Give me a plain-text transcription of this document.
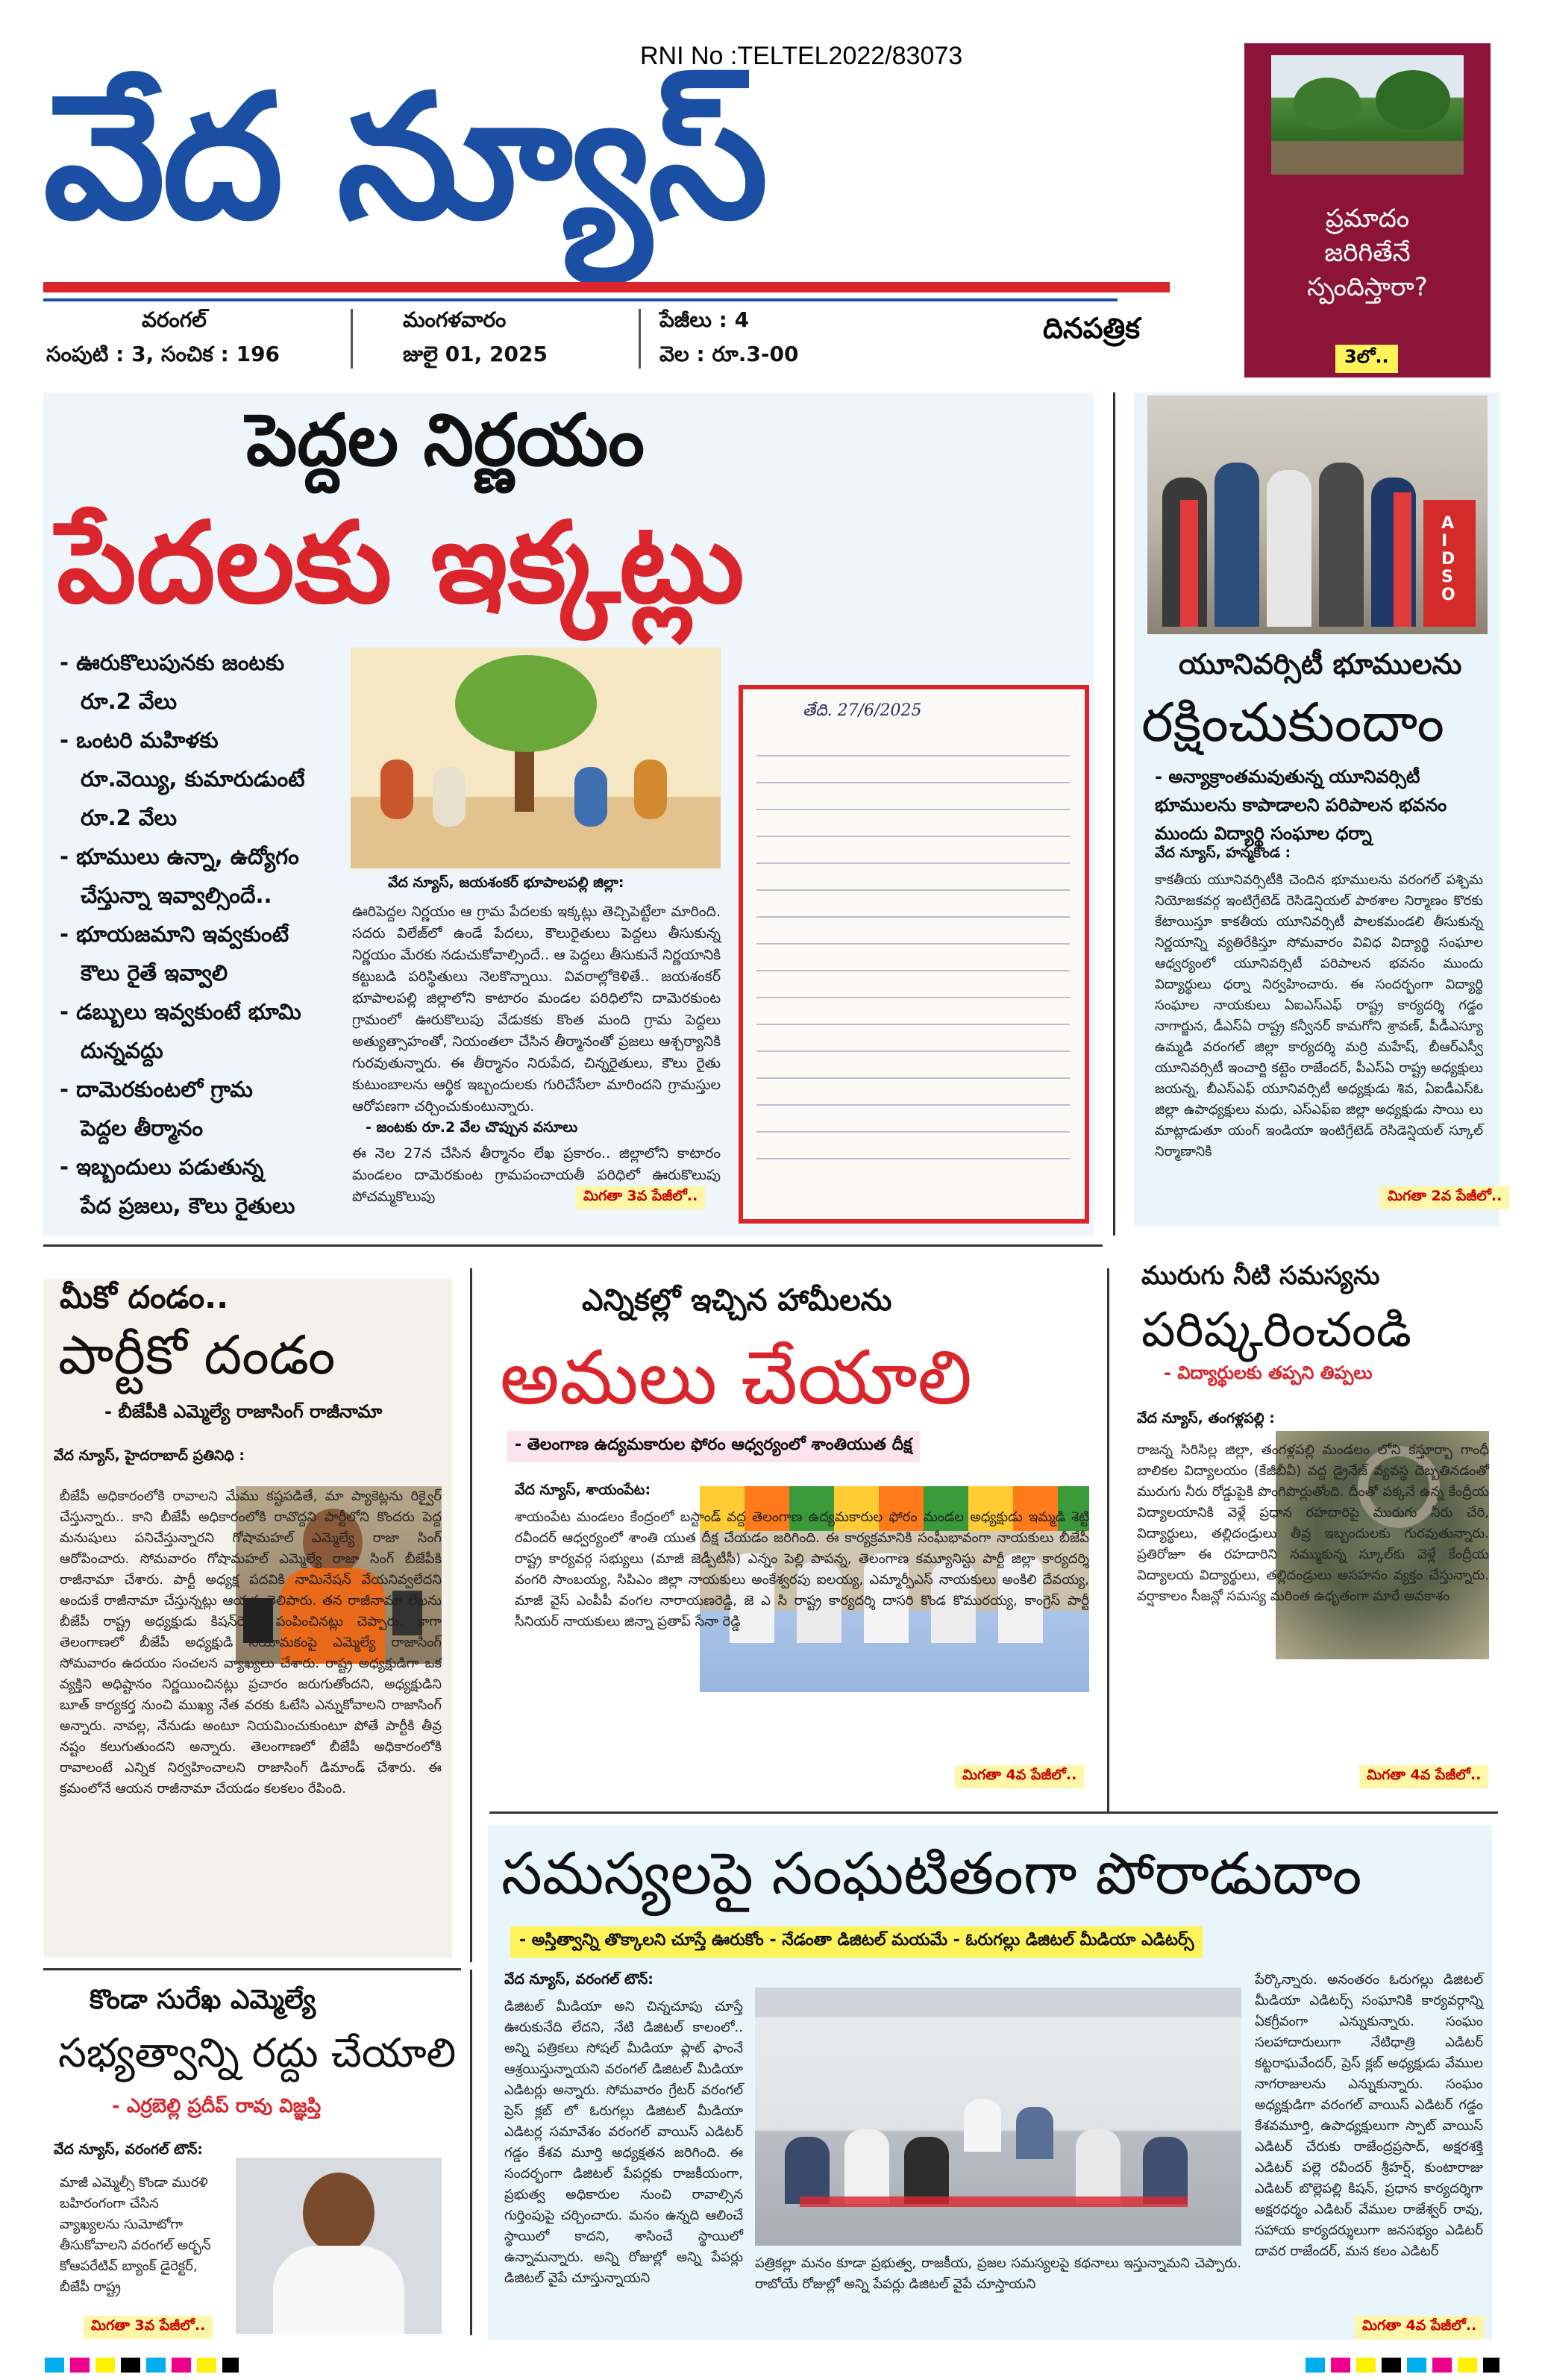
RNI No :TELTEL2022/83073
వేద న్యూస్
దినపత్రిక
వరంగల్
సంపుటి : 3, సంచిక : 196
మంగళవారం
జులై 01, 2025
పేజీలు : 4
వెల : రూ.3-00
ప్రమాదం
జరిగితేనే
స్పందిస్తారా?
3లో..
పెద్దల నిర్ణయం
పేదలకు ఇక్కట్లు
- ఊరుకొలుపునకు జంటకు
రూ.2 వేలు
- ఒంటరి మహిళకు
రూ.వెయ్యి, కుమారుడుంటే
రూ.2 వేలు
- భూములు ఉన్నా, ఉద్యోగం
చేస్తున్నా ఇవ్వాల్సిందే..
- భూయజమాని ఇవ్వకుంటే
కౌలు రైతే ఇవ్వాలి
- డబ్బులు ఇవ్వకుంటే భూమి
దున్నవద్దు
- దామెరకుంటలో గ్రామ
పెద్దల తీర్మానం
- ఇబ్బందులు పడుతున్న
పేద ప్రజలు, కౌలు రైతులు
వేద న్యూస్, జయశంకర్ భూపాలపల్లి జిల్లా:
ఊరిపెద్దల నిర్ణయం ఆ గ్రామ పేదలకు ఇక్కట్లు తెచ్చిపెట్టేలా మారింది. సదరు విలేజ్‌లో ఉండే పేదలు, కౌలురైతులు పెద్దలు తీసుకున్న నిర్ణయం మేరకు నడుచుకోవాల్సిందే.. ఆ పెద్దలు తీసుకునే నిర్ణయానికి కట్టుబడి పరిస్థితులు నెలకొన్నాయి. వివరాల్లోకెళితే.. జయశంకర్ భూపాలపల్లి జిల్లాలోని కాటారం మండల పరిధిలోని దామెరకుంట గ్రామంలో ఊరుకొలుపు వేడుకకు కొంత మంది గ్రామ పెద్దలు అత్యుత్సాహంతో, నియంతలా చేసిన తీర్మానంతో ప్రజలు ఆశ్చర్యానికి గురవుతున్నారు. ఈ తీర్మానం నిరుపేద, చిన్నరైతులు, కౌలు రైతు కుటుంబాలను ఆర్థిక ఇబ్బందులకు గురిచేసేలా మారిందని గ్రామస్తుల ఆరోపణగా చర్చించుకుంటున్నారు.
- జంటకు రూ.2 వేల చొప్పున వసూలు
ఈ నెల 27న చేసిన తీర్మానం లేఖ ప్రకారం.. జిల్లాలోని కాటారం మండలం దామెరకుంట గ్రామపంచాయతీ పరిధిలో ఊరుకొలుపు పోచమ్మకొలుపు	మిగతా 3వ పేజీలో..
తేది. 27/6/2025
AIDSO
యూనివర్సిటీ భూములను
రక్షించుకుందాం
- అన్యాక్రాంతమవుతున్న యూనివర్సిటీ భూములను కాపాడాలని పరిపాలన భవనం ముందు విద్యార్థి సంఘాల ధర్నా
వేద న్యూస్, హన్మకొండ :
కాకతీయ యూనివర్సిటీకి చెందిన భూములను వరంగల్ పశ్చిమ నియోజకవర్గ ఇంటిగ్రేటెడ్ రెసిడెన్షియల్ పాఠశాల నిర్మాణం కొరకు కేటాయిస్తూ కాకతీయ యూనివర్సిటీ పాలకమండలి తీసుకున్న నిర్ణయాన్ని వ్యతిరేకిస్తూ సోమవారం వివిధ విద్యార్థి సంఘాల ఆధ్వర్యంలో యూనివర్సిటీ పరిపాలన భవనం ముందు విద్యార్థులు ధర్నా నిర్వహించారు. ఈ సందర్భంగా విద్యార్థి సంఘాల నాయకులు ఏఐఎస్ఎఫ్ రాష్ట్ర కార్యదర్శి గడ్డం నాగార్జున, డీఎస్ఏ రాష్ట్ర కన్వీనర్ కామగోని శ్రావణ్, పీడీఎస్యూ ఉమ్మడి వరంగల్ జిల్లా కార్యదర్శి మర్రి మహేష్, బీఆర్ఎస్వీ యూనివర్సిటీ ఇంచార్జి కట్టెం రాజేందర్, పీఎస్ఏ రాష్ట్ర అధ్యక్షులు జయన్న, బీఎస్ఎఫ్ యూనివర్సిటీ అధ్యక్షుడు శివ, ఏఐడీఎస్ఓ జిల్లా ఉపాధ్యక్షులు మధు, ఎస్ఎఫ్ఐ జిల్లా అధ్యక్షుడు సాయి లు మాట్లాడుతూ యంగ్ ఇండియా ఇంటిగ్రేటెడ్ రెసిడెన్షియల్ స్కూల్ నిర్మాణానికి
మిగతా 2వ పేజీలో..
మీకో దండం..
పార్టీకో దండం
- బీజేపీకి ఎమ్మెల్యే రాజాసింగ్ రాజీనామా
వేద న్యూస్, హైదరాబాద్ ప్రతినిధి :
బీజేపీ అధికారంలోకి రావాలని మేము కష్టపడితే, మా ప్యాకెట్లను రిక్వైర్ చేస్తున్నారు.. కాని బీజేపీ అధికారంలోకి రావొద్దని పార్టీలోని కొందరు పెద్ద మనుషులు పనిచేస్తున్నారని గోషామహల్ ఎమ్మెల్యే రాజా సింగ్ ఆరోపించారు. సోమవారం గోషామహల్ ఎమ్మెల్యే రాజా సింగ్ బీజేపీకి రాజీనామా చేశారు. పార్టీ అధ్యక్ష పదవికి నామినేషన్ వేయనివ్వలేదని అందుకే రాజీనామా చేస్తున్నట్లు ఆయన తెలిపారు. తన రాజీనామా లేఖను బీజేపీ రాష్ట్ర అధ్యక్షుడు కిషన్‌రెడ్డికి పంపించినట్లు చెప్పారు. కాగా తెలంగాణలో బీజేపీ అధ్యక్షుడి నియామకంపై ఎమ్మెల్యే రాజాసింగ్ సోమవారం ఉదయం సంచలన వ్యాఖ్యలు చేశారు. రాష్ట్ర అధ్యక్షుడిగా ఒక వ్యక్తిని అధిష్టానం నిర్ణయించినట్లు ప్రచారం జరుగుతోందని, అధ్యక్షుడిని బూత్ కార్యకర్త నుంచి ముఖ్య నేత వరకు ఓటేసి ఎన్నుకోవాలని రాజాసింగ్ అన్నారు. నావల్ల, నేనుడు అంటూ నియమించుకుంటూ పోతే పార్టీకి తీవ్ర నష్టం కలుగుతుందని అన్నారు. తెలంగాణలో బీజేపీ అధికారంలోకి రావాలంటే ఎన్నిక నిర్వహించాలని రాజాసింగ్ డిమాండ్ చేశారు. ఈ క్రమంలోనే ఆయన రాజీనామా చేయడం కలకలం రేపింది.
ఎన్నికల్లో ఇచ్చిన హామీలను
అమలు చేయాలి
- తెలంగాణ ఉద్యమకారుల ఫోరం ఆధ్వర్యంలో శాంతియుత దీక్ష
వేద న్యూస్, శాయంపేట:
శాయంపేట మండలం కేంద్రంలో బస్టాండ్ వద్ద తెలంగాణ ఉద్యమకారుల ఫోరం మండల అధ్యక్షుడు ఇమ్మడి శెట్టి రవీందర్ ఆధ్వర్యంలో శాంతి యుత దీక్ష చేయడం జరిగింది. ఈ కార్యక్రమానికి సంఘీభావంగా నాయకులు బీజేపీ రాష్ట్ర కార్యవర్గ సభ్యులు (మాజీ జెడ్పీటీసీ) ఎన్నం పెల్లి పాపన్న, తెలంగాణ కమ్యూనిస్టు పార్టీ జిల్లా కార్యదర్శి వంగరి సాంబయ్య, సిపిఎం జిల్లా నాయకులు అంకేశ్వరపు ఐలయ్య, ఎమ్మార్పీఎస్ నాయకులు అంకిలి దేవయ్య, మాజీ వైస్ ఎంపీపీ వంగల నారాయణరెడ్డి, జె ఎ సి రాష్ట్ర కార్యదర్శి దాసరి కొండ కొమురయ్య, కాంగ్రెస్ పార్టీ సీనియర్ నాయకులు జిన్నా ప్రతాప్ సేనా రెడ్డి
మిగతా 4వ పేజీలో..
మురుగు నీటి సమస్యను
పరిష్కరించండి
- విద్యార్థులకు తప్పని తిప్పలు
వేద న్యూస్, తంగళ్లపల్లి :
రాజన్న సిరిసిల్ల జిల్లా, తంగళ్లపల్లి మండలం లోని కస్తూర్బా గాంధీ బాలికల విద్యాలయం (కేజీబీవీ) వద్ద డ్రైనేజ్ వ్యవస్థ దెబ్బతినడంతో మురుగు నీరు రోడ్డుపైకి పొంగిపొర్లుతోంది. దీంతో పక్కనే ఉన్న కేంద్రీయ విద్యాలయానికి వెళ్లే ప్రధాన రహదారిపై మురుగు నీరు చేరి, విద్యార్థులు, తల్లిదండ్రులు తీవ్ర ఇబ్బందులకు గురవుతున్నారు. ప్రతిరోజూ ఈ రహదారిని నమ్ముకున్న స్కూల్‌కు వెళ్లే కేంద్రీయ విద్యాలయ విద్యార్థులు, తల్లిదండ్రులు అసహనం వ్యక్తం చేస్తున్నారు. వర్షాకాలం సీజన్లో సమస్య మరింత ఉధృతంగా మారే అవకాశం
మిగతా 4వ పేజీలో..
కొండా సురేఖ ఎమ్మెల్యే
సభ్యత్వాన్ని రద్దు చేయాలి
- ఎర్రబెల్లి ప్రదీప్ రావు విజ్ఞప్తి
వేద న్యూస్, వరంగల్ టౌన్:
మాజీ ఎమ్మెల్సీ కొండా మురళి బహిరంగంగా చేసిన వ్యాఖ్యలను సుమోటోగా తీసుకోవాలని వరంగల్ అర్బన్ కోఆపరేటివ్ బ్యాంక్ డైరెక్టర్, బీజేపీ రాష్ట్ర
మిగతా 3వ పేజీలో..
సమస్యలపై సంఘటితంగా పోరాడుదాం
- అస్తిత్వాన్ని తొక్కాలని చూస్తే ఊరుకోం - నేడంతా డిజిటల్ మయమే - ఓరుగల్లు డిజిటల్ మీడియా ఎడిటర్స్
వేద న్యూస్, వరంగల్ టౌన్:
డిజిటల్ మీడియా అని చిన్నచూపు చూస్తే ఊరుకునేది లేదని, నేటి డిజిటల్ కాలంలో.. అన్ని పత్రికలు సోషల్ మీడియా ప్లాట్ ఫాంనే ఆశ్రయిస్తున్నాయని వరంగల్ డిజిటల్ మీడియా ఎడిటర్లు అన్నారు. సోమవారం గ్రేటర్ వరంగల్ ప్రెస్ క్లబ్ లో ఓరుగల్లు డిజిటల్ మీడియా ఎడిటర్ల సమావేశం వరంగల్ వాయిస్ ఎడిటర్ గడ్డం కేశవ మూర్తి అధ్యక్షతన జరిగింది. ఈ సందర్భంగా డిజిటల్ పేపర్లకు రాజకీయంగా, ప్రభుత్వ అధికారుల నుంచి రావాల్సిన గుర్తింపుపై చర్చించారు. మనం ఉన్నది ఆలించే స్థాయిలో కాదని, శాసించే స్థాయిలో ఉన్నామన్నారు. అన్ని రోజుల్లో అన్ని పేపర్లు డిజిటల్ వైపే చూస్తున్నాయని
పత్రికల్లా మనం కూడా ప్రభుత్వ, రాజకీయ, ప్రజల సమస్యలపై కథనాలు ఇస్తున్నామని చెప్పారు. రాబోయే రోజుల్లో అన్ని పేపర్లు డిజిటల్ వైపే చూస్తాయని
పేర్కొన్నారు. అనంతరం ఓరుగల్లు డిజిటల్ మీడియా ఎడిటర్స్ సంఘానికి కార్యవర్గాన్ని ఏకగ్రీవంగా ఎన్నుకున్నారు. సంఘం సలహాదారులుగా నేటిధాత్రి ఎడిటర్ కట్టరాఘవేందర్, ప్రెస్ క్లబ్ అధ్యక్షుడు వేముల నాగరాజులను ఎన్నుకున్నారు. సంఘం అధ్యక్షుడిగా వరంగల్ వాయిస్ ఎడిటర్ గడ్డం కేశవమూర్తి, ఉపాధ్యక్షులుగా స్పాట్ వాయిస్ ఎడిటర్ చేరుకు రాజేంద్రప్రసాద్, అక్షరశక్తి ఎడిటర్ పల్లె రవీందర్ శ్రీహర్ష్, కుంటారాజు ఎడిటర్ బొల్లెపల్లి కిషన్, ప్రధాన కార్యదర్శిగా అక్షరధర్మం ఎడిటర్ వేముల రాజేశ్వర్ రావు, సహాయ కార్యదర్శులుగా జనసభ్యం ఎడిటర్ దావర రాజేందర్, మన కలం ఎడిటర్
మిగతా 4వ పేజీలో..
